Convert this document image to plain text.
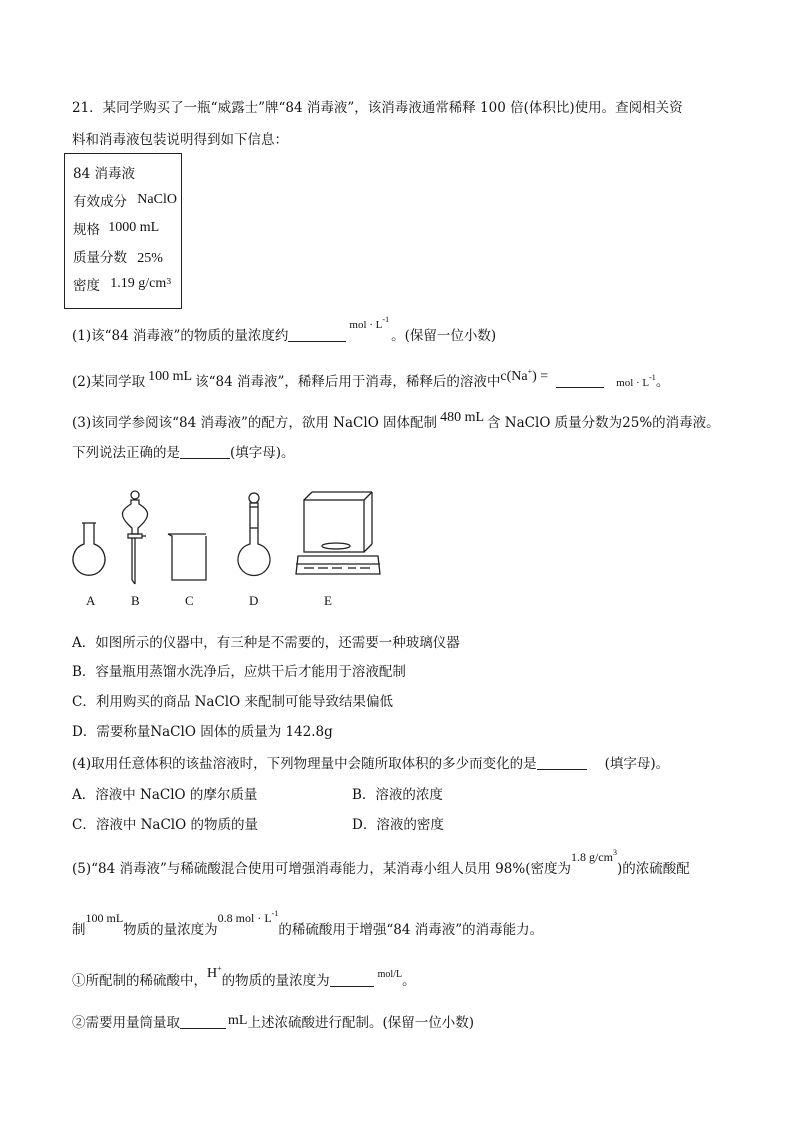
21．某同学购买了一瓶“威露士”牌“84 消毒液”，该消毒液通常稀释 100 倍(体积比)使用。查阅相关资
料和消毒液包装说明得到如下信息：
84 消毒液
有效成分 NaClO
规格 1000 mL
质量分数 25%
密度 1.19 $g/cm^3$
(1)该“84 消毒液”的物质的量浓度约$^{mol \cdot L^{-1}}$。(保留一位小数)
(2)某同学取 100 mL 该“84 消毒液”，稀释后用于消毒，稀释后的溶液中c(Na+) =	mol · $L^{-1}$。
(3)该同学参阅该“84 消毒液”的配方，欲用 NaClO 固体配制 480 mL 含 NaClO 质量分数为25%的消毒液。
下列说法正确的是	(填字母)。
A	B	C	D	E
A．如图所示的仪器中，有三种是不需要的，还需要一种玻璃仪器
B．容量瓶用蒸馏水洗净后，应烘干后才能用于溶液配制
C．利用购买的商品 NaClO 来配制可能导致结果偏低
D．需要称量NaClO 固体的质量为 142.8g
(4)取用任意体积的该盐溶液时，下列物理量中会随所取体积的多少而变化的是	(填字母)。
A．溶液中 NaClO 的摩尔质量	B．溶液的浓度
C．溶液中 NaClO 的物质的量	D．溶液的密度
(5)“84 消毒液”与稀硫酸混合使用可增强消毒能力，某消毒小组人员用 98%(密度为1.8 $g/cm^3$)的浓硫酸配
制100 mL物质的量浓度为0.8 mol · $L^{-1}$的稀硫酸用于增强“84 消毒液”的消毒能力。
①所配制的稀硫酸中，H+的物质的量浓度为	$^{mol/L}$。
②需要用量筒量取	mL上述浓硫酸进行配制。(保留一位小数)
